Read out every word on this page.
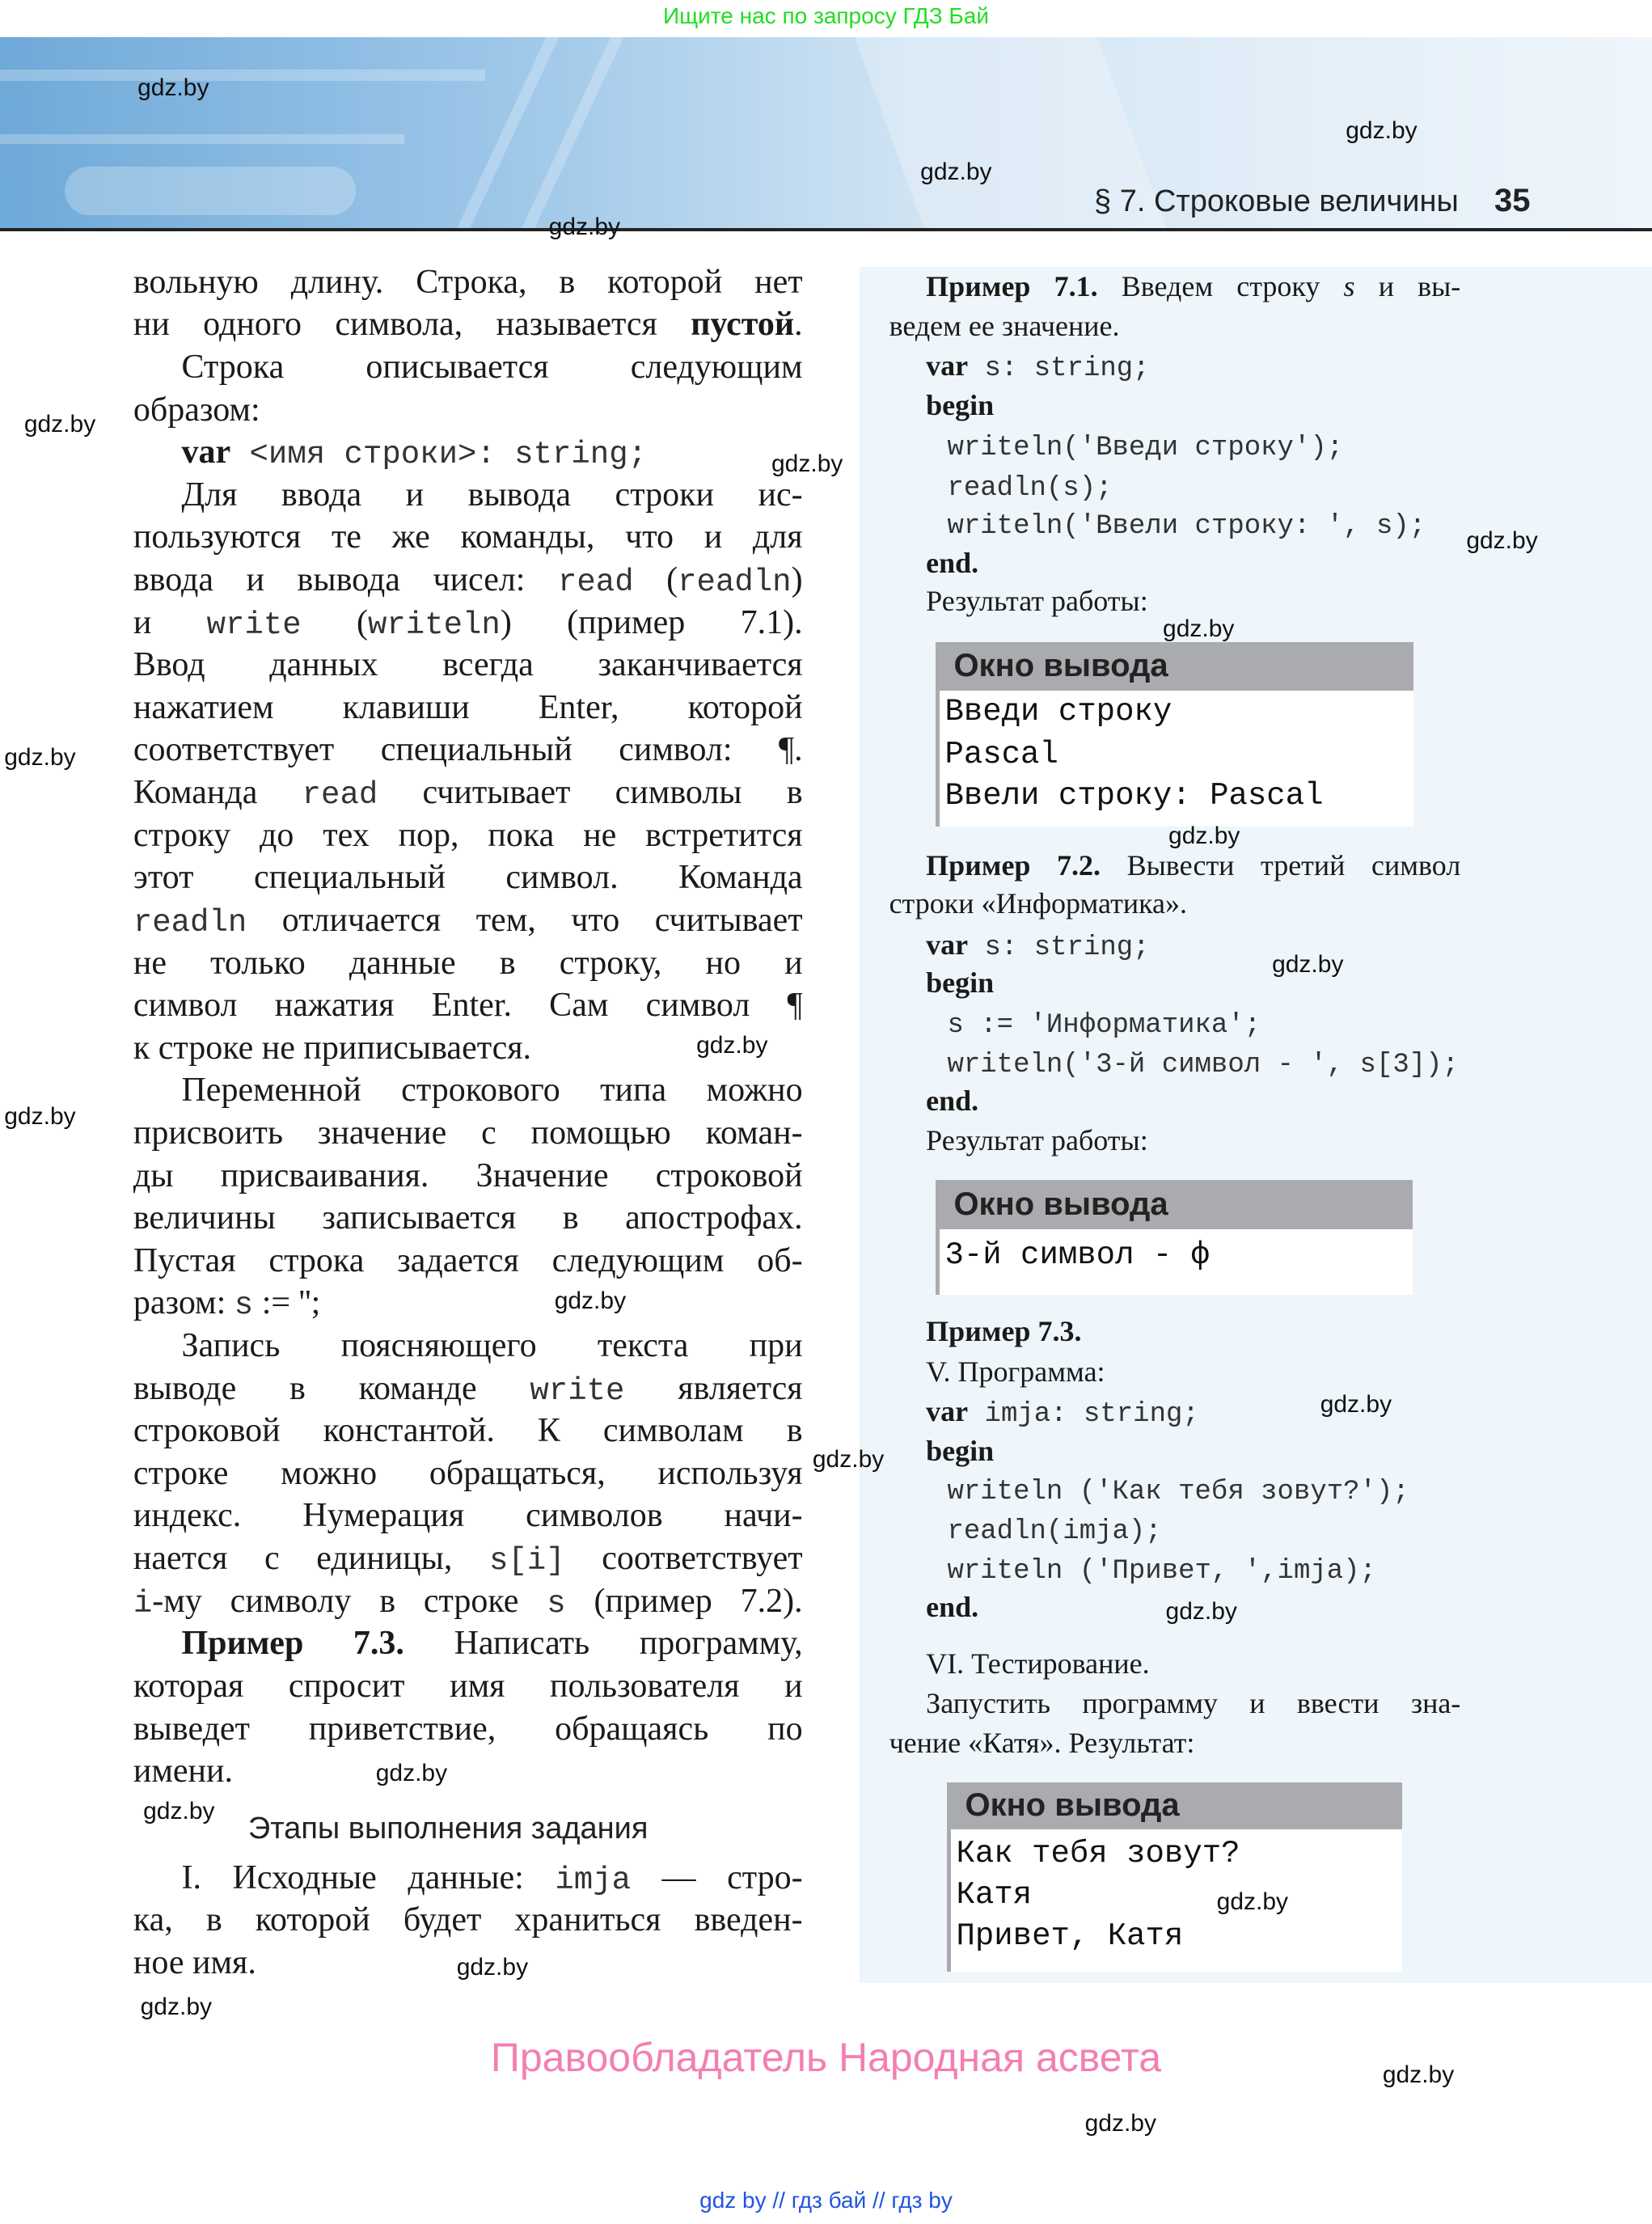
Ищите нас по запросу ГДЗ Бай
§ 7. Строковые величины 35
вольную длину. Строка, в которой нет
ни одного символа, называется пустой.
Строка описывается следующим
образом:
var <имя строки>: string;
Для ввода и вывода строки ис-
пользуются те же команды, что и для
ввода и вывода чисел: read (readln)
и write (writeln) (пример 7.1).
Ввод данных всегда заканчивается
нажатием клавиши Enter, которой
соответствует специальный символ: ¶.
Команда read считывает символы в
строку до тех пор, пока не встретится
этот специальный символ. Команда
readln отличается тем, что считывает
не только данные в строку, но и
символ нажатия Enter. Сам символ ¶
к строке не приписывается.
Переменной строкового типа можно
присвоить значение с помощью коман-
ды присваивания. Значение строковой
величины записывается в апострофах.
Пустая строка задается следующим об-
разом: s := '';
Запись поясняющего текста при
выводе в команде write является
строковой константой. К символам в
строке можно обращаться, используя
индекс. Нумерация символов начи-
нается с единицы, s[i] соответствует
i-му символу в строке s (пример 7.2).
Пример 7.3. Написать программу,
которая спросит имя пользователя и
выведет приветствие, обращаясь по
имени.
Этапы выполнения задания
I. Исходные данные: imja — стро-
ка, в которой будет храниться введен-
ное имя.
Пример 7.1. Введем строку s и вы-
ведем ее значение.
var s: string;
begin
writeln('Введи строку');
readln(s);
writeln('Ввели строку: ', s);
end.
Результат работы:
Пример 7.2. Вывести третий символ
строки «Информатика».
var s: string;
begin
s := 'Информатика';
writeln('3-й символ - ', s[3]);
end.
Результат работы:
Пример 7.3.
V. Программа:
var imja: string;
begin
writeln ('Как тебя зовут?');
readln(imja);
writeln ('Привет, ',imja);
end.
VI. Тестирование.
Запустить программу и ввести зна-
чение «Катя». Результат:
Окно вывода
Введи строку
Pascal
Ввели строку: Pascal
Окно вывода
3-й символ - ф
Окно вывода
Как тебя зовут?
Катя
Привет, Катя
gdz.by
gdz.by
gdz.by
gdz.by
gdz.by
gdz.by
gdz.by
gdz.by
gdz.by
gdz.by
gdz.by
gdz.by
gdz.by
gdz.by
gdz.by
gdz.by
gdz.by
gdz.by
gdz.by
gdz.by
gdz.by
gdz.by
gdz.by
gdz.by
Правообладатель Народная асвета
gdz by // гдз бай // гдз by
